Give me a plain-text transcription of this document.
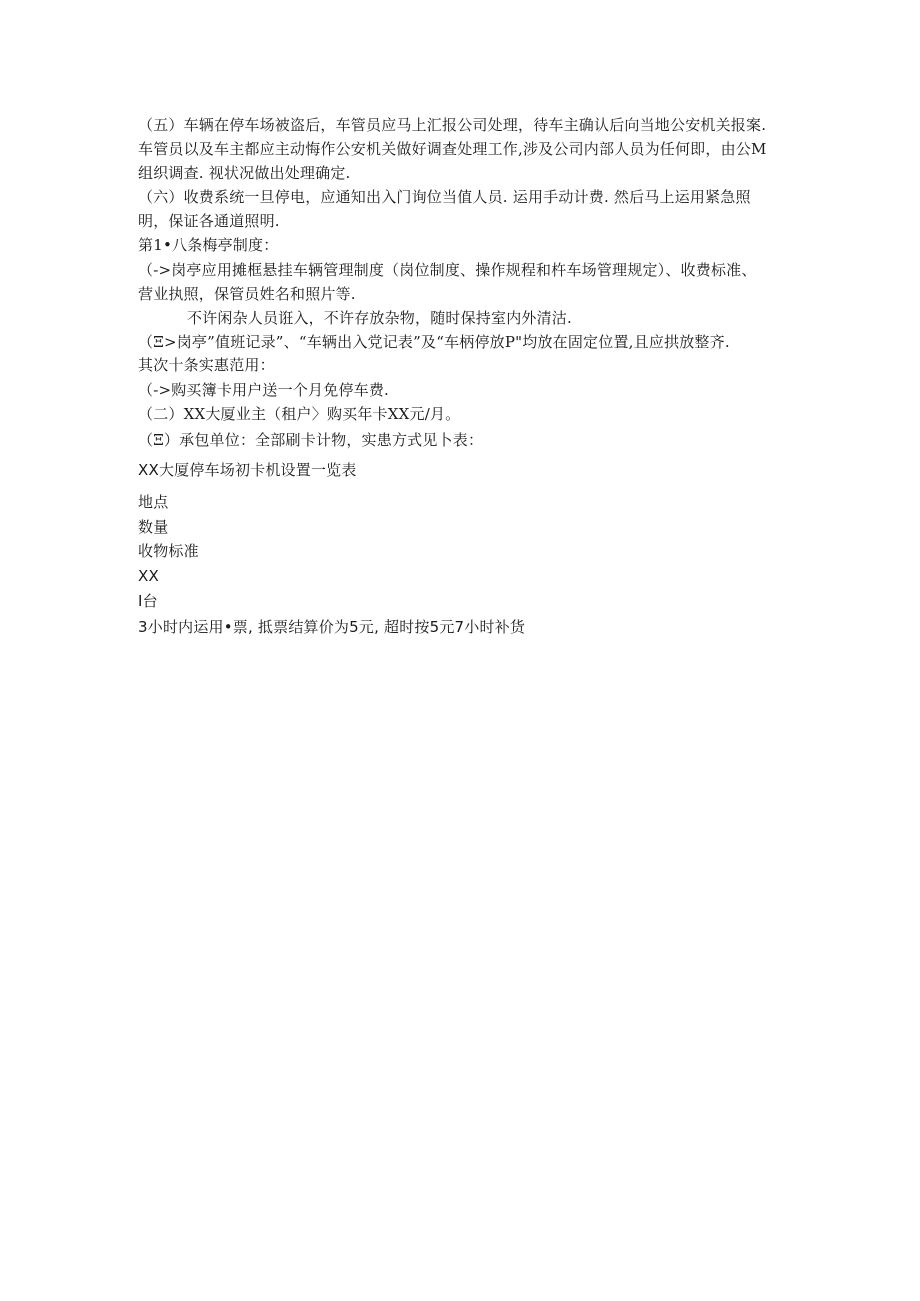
（五）车辆在停车场被盗后，车管员应马上汇报公司处理，待车主确认后向当地公安机关报案.
车管员以及车主都应主动悔作公安机关做好调查处理工作,涉及公司内部人员为任何即，由公M
组织调查. 视状况做出处理确定.
（六）收费系统一旦停电，应通知出入门询位当值人员. 运用手动计费. 然后马上运用紧急照
明，保证各通道照明.
第1•八条梅亭制度：
（->岗亭应用摊框悬挂车辆管理制度（岗位制度、操作规程和杵车场管理规定）、收费标准、
营业执照，保管员姓名和照片等.
不许闲杂人员诳入，不许存放杂物，随时保持室内外清沽.
（Ξ>岗亭”值班记录”、“车辆出入党记表”及“车柄停放P"均放在固定位置,且应拱放整齐.
其次十条实惠范用：
（->购买簿卡用户送一个月免停车费.
（二）XX大厦业主（租户〉购买年卡XX元/月。
（Ξ）承包单位：全部刷卡计物，实患方式见卜表：
XX大厦停车场初卡机设置一览表
地点
数量
收物标准
XX
I台
3小时内运用•票, 抵票结算价为5元, 超时按5元7小时补货
